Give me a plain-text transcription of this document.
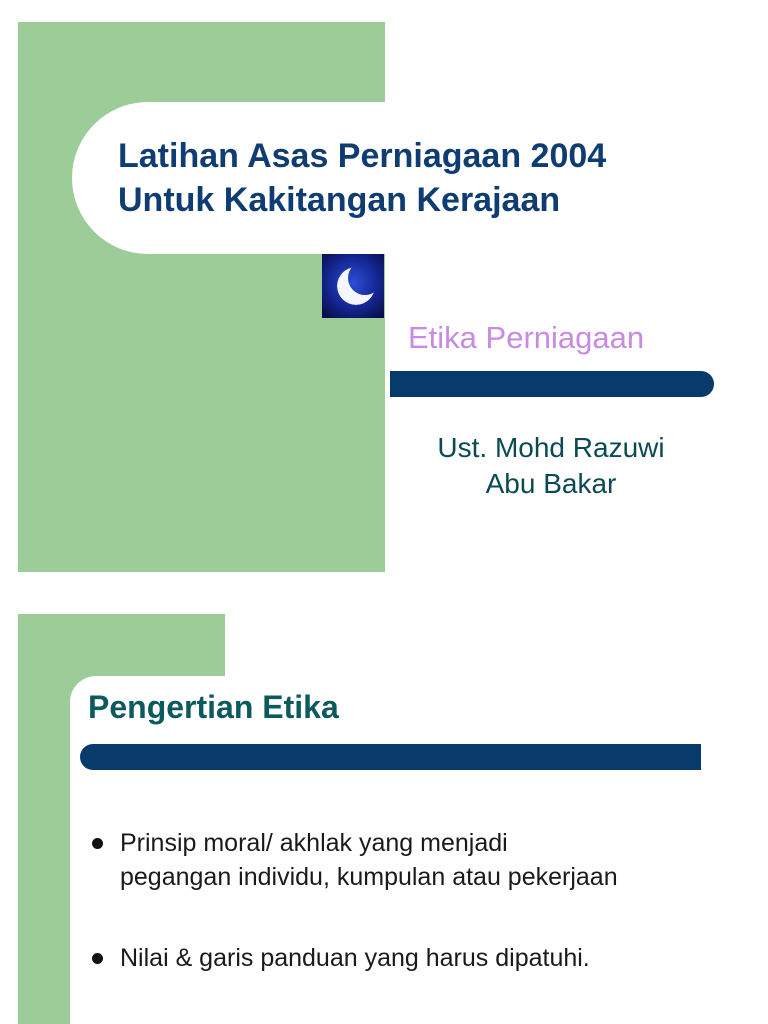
Latihan Asas Perniagaan 2004
Untuk Kakitangan Kerajaan
Etika Perniagaan
Ust. Mohd Razuwi
Abu Bakar
Pengertian Etika
Prinsip moral/ akhlak yang menjadi
pegangan individu, kumpulan atau pekerjaan
Nilai & garis panduan yang harus dipatuhi.
